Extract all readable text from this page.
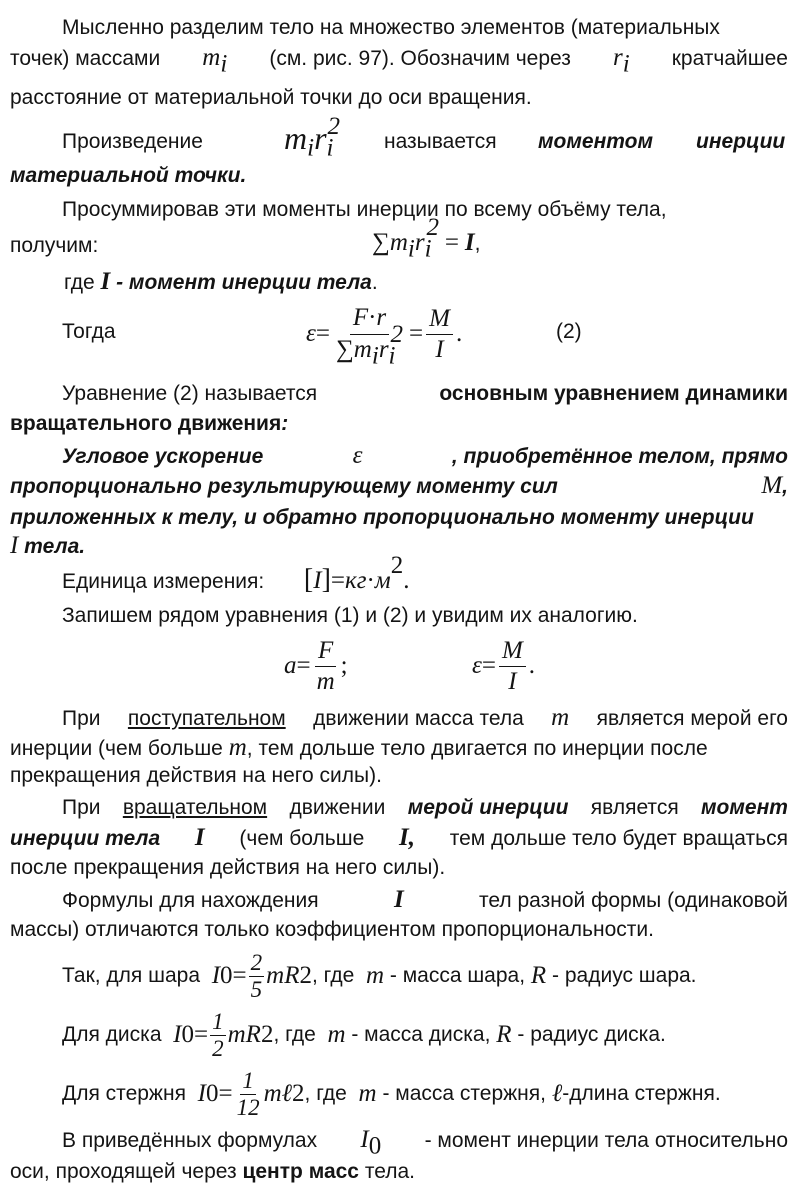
Мысленно разделим тело на множество элементов (материальных
точек) массами $m_i$ (см. рис. 97). Обозначим через $r_i$ кратчайшее
расстояние от материальной точки до оси вращения.
Произведение	$m_ir_i^2$
называется моментом инерции
материальной точки.
Просуммировав эти моменты инерции по всему объёму тела,
получим:	$\sum m_ir_i^2 = I$,
где I - момент инерции тела.
Тогда	$\varepsilon = \frac{F\cdot r}{\sum m_ir_i^2} = \frac{M}{I}$ .	(2)
Уравнение (2) называется	основным уравнением динамики
вращательного движения:
Угловое ускорение	ε	, приобретённое телом, прямо
пропорционально результирующему моменту сил	M,
приложенных к телу, и обратно пропорционально моменту инерции
I тела.
Единица измерения: $[I]=кг\cdot м^2$.
Запишем рядом уравнения (1) и (2) и увидим их аналогию.
$a = \frac{F}{m}$ ;	$\varepsilon = \frac{M}{I}$ .
При поступательном движении масса тела m является мерой его
инерции (чем больше m, тем дольше тело двигается по инерции после
прекращения действия на него силы).
При вращательном движении мерой инерции является момент
инерции тела I (чем больше I, тем дольше тело будет вращаться
после прекращения действия на него силы).
Формулы для нахождения	I	тел разной формы (одинаковой
массы) отличаются только коэффициентом пропорциональности.
Так, для шара
I $0 = \frac{2}{5}$ mR 2 , где
m
- масса шара,
R
- радиус шара.
Для диска
I $0 = \frac{1}{2}$ mR 2 , где
m
- масса диска,
R
- радиус диска.
Для стержня
I $0 = \frac{1}{12}$ mℓ 2 , где
m
- масса стержня,
ℓ -длина стержня.
В приведённых формулах $I_0$ - момент инерции тела относительно
оси, проходящей через центр масс тела.
